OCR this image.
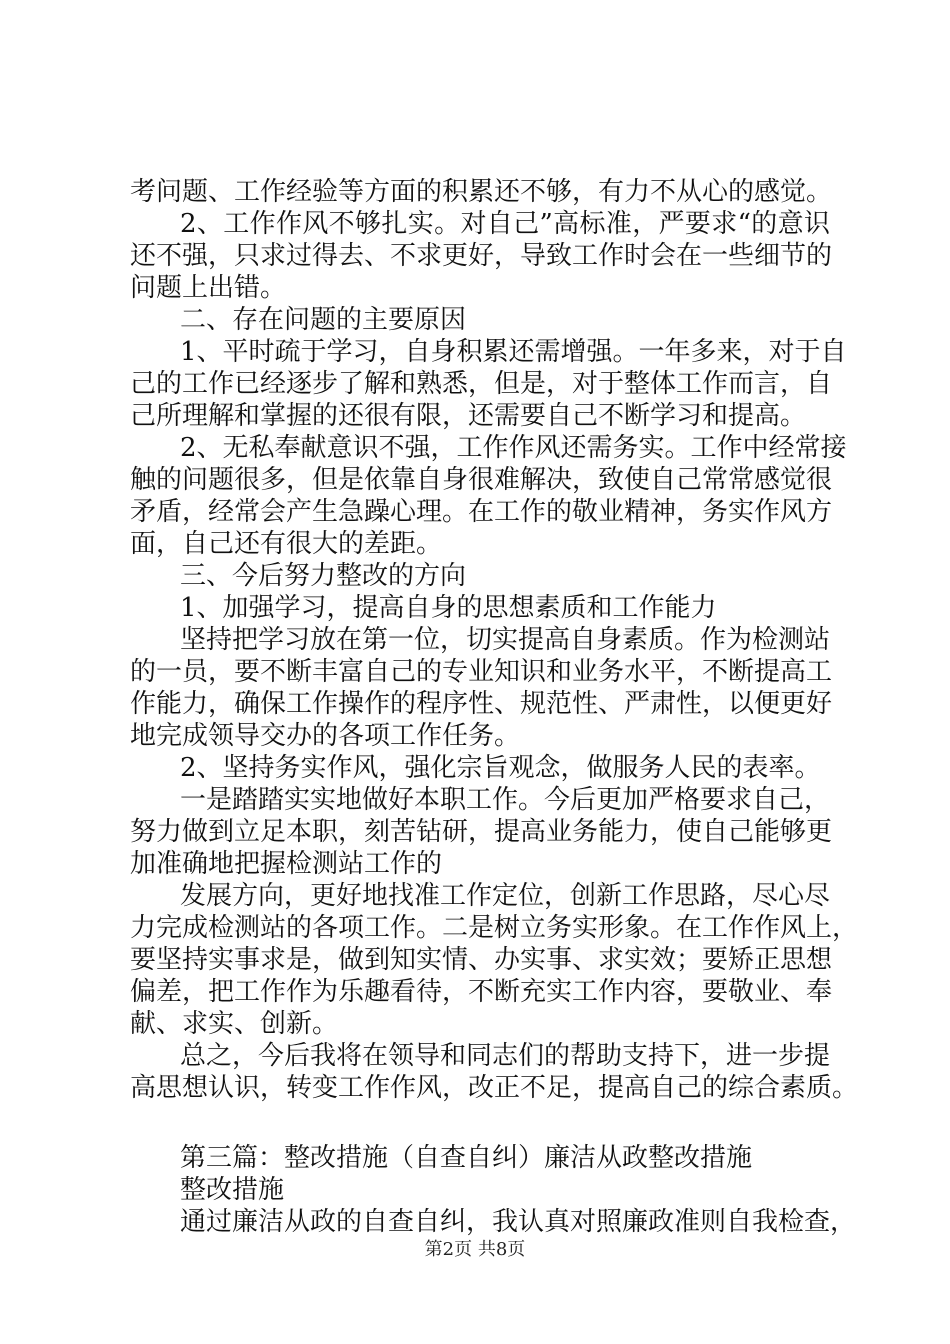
考问题、工作经验等方面的积累还不够，有力不从心的感觉。
2、工作作风不够扎实。对自己”高标准，严要求“的意识
还不强，只求过得去、不求更好，导致工作时会在一些细节的
问题上出错。
二、存在问题的主要原因
1、平时疏于学习，自身积累还需增强。一年多来，对于自
己的工作已经逐步了解和熟悉，但是，对于整体工作而言，自
己所理解和掌握的还很有限，还需要自己不断学习和提高。
2、无私奉献意识不强，工作作风还需务实。工作中经常接
触的问题很多，但是依靠自身很难解决，致使自己常常感觉很
矛盾，经常会产生急躁心理。在工作的敬业精神，务实作风方
面，自己还有很大的差距。
三、今后努力整改的方向
1、加强学习，提高自身的思想素质和工作能力
坚持把学习放在第一位，切实提高自身素质。作为检测站
的一员，要不断丰富自己的专业知识和业务水平，不断提高工
作能力，确保工作操作的程序性、规范性、严肃性，以便更好
地完成领导交办的各项工作任务。
2、坚持务实作风，强化宗旨观念，做服务人民的表率。
一是踏踏实实地做好本职工作。今后更加严格要求自己，
努力做到立足本职，刻苦钻研，提高业务能力，使自己能够更
加准确地把握检测站工作的
发展方向，更好地找准工作定位，创新工作思路，尽心尽
力完成检测站的各项工作。二是树立务实形象。在工作作风上，
要坚持实事求是，做到知实情、办实事、求实效；要矫正思想
偏差，把工作作为乐趣看待，不断充实工作内容，要敬业、奉
献、求实、创新。
总之，今后我将在领导和同志们的帮助支持下，进一步提
高思想认识，转变工作作风，改正不足，提高自己的综合素质。
第三篇：整改措施（自查自纠）廉洁从政整改措施
整改措施
通过廉洁从政的自查自纠，我认真对照廉政准则自我检查，
第2页 共8页
